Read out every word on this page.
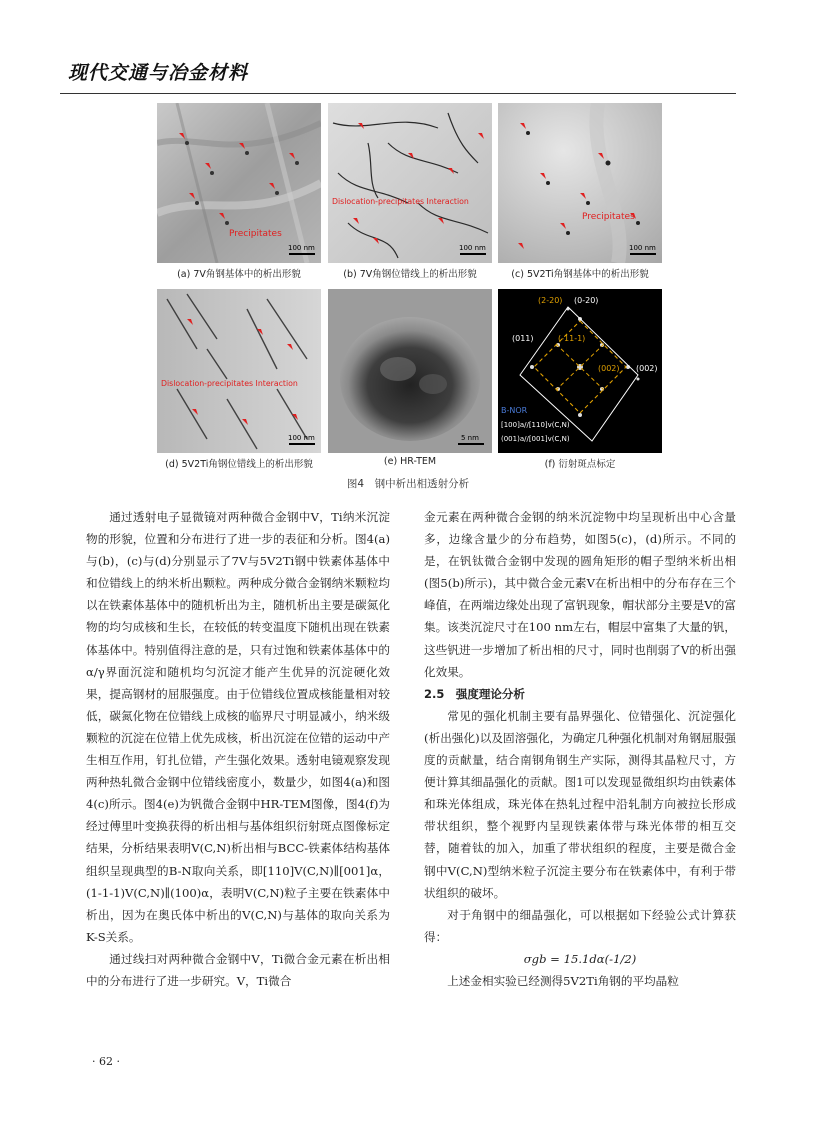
现代交通与冶金材料
Precipitates
100 nm
(a) 7V角钢基体中的析出形貌
Dislocation-precipitates Interaction
100 nm
(b) 7V角钢位错线上的析出形貌
Precipitates
100 nm
(c) 5V2Ti角钢基体中的析出形貌
Dislocation-precipitates Interaction
100 nm
(d) 5V2Ti角钢位错线上的析出形貌
5 nm
(e) HR-TEM
(2-20) (0-20)
(011)	(-11-1)
(002) (002)
B-NOR
[100]a//[110]v(C,N)
(001)a//[001]v(C,N)
(f) 衍射斑点标定
图4　钢中析出相透射分析

通过透射电子显微镜对两种微合金钢中V，Ti纳米沉淀物的形貌，位置和分布进行了进一步的表征和分析。图4(a)与(b)，(c)与(d)分别显示了7V与5V2Ti钢中铁素体基体中和位错线上的纳米析出颗粒。两种成分微合金钢纳米颗粒均以在铁素体基体中的随机析出为主，随机析出主要是碳氮化物的均匀成核和生长，在较低的转变温度下随机出现在铁素体基体中。特别值得注意的是，只有过饱和铁素体基体中的α/γ界面沉淀和随机均匀沉淀才能产生优异的沉淀硬化效果，提高钢材的屈服强度。由于位错线位置成核能量相对较低，碳氮化物在位错线上成核的临界尺寸明显减小，纳米级颗粒的沉淀在位错上优先成核，析出沉淀在位错的运动中产生相互作用，钉扎位错，产生强化效果。透射电镜观察发现两种热轧微合金钢中位错线密度小，数量少，如图4(a)和图4(c)所示。图4(e)为钒微合金钢中HR-TEM图像，图4(f)为经过傅里叶变换获得的析出相与基体组织衍射斑点图像标定结果，分析结果表明V(C,N)析出相与BCC-铁素体结构基体组织呈现典型的B-N取向关系，即[110]V(C,N)∥[001]α，(1-1-1)V(C,N)∥(100)α，表明V(C,N)粒子主要在铁素体中析出，因为在奥氏体中析出的V(C,N)与基体的取向关系为K-S关系。

通过线扫对两种微合金钢中V，Ti微合金元素在析出相中的分布进行了进一步研究。V，Ti微合

金元素在两种微合金钢的纳米沉淀物中均呈现析出中心含量多，边缘含量少的分布趋势，如图5(c)，(d)所示。不同的是，在钒钛微合金钢中发现的圆角矩形的帽子型纳米析出相(图5(b)所示)，其中微合金元素V在析出相中的分布存在三个峰值，在两端边缘处出现了富钒现象，帽状部分主要是V的富集。该类沉淀尺寸在100 nm左右，帽层中富集了大量的钒，这些钒进一步增加了析出相的尺寸，同时也削弱了V的析出强化效果。

2.5　强度理论分析

常见的强化机制主要有晶界强化、位错强化、沉淀强化(析出强化)以及固溶强化，为确定几种强化机制对角钢屈服强度的贡献量，结合南钢角钢生产实际，测得其晶粒尺寸，方便计算其细晶强化的贡献。图1可以发现显微组织均由铁素体和珠光体组成，珠光体在热轧过程中沿轧制方向被拉长形成带状组织，整个视野内呈现铁素体带与珠光体带的相互交替，随着钛的加入，加重了带状组织的程度，主要是微合金钢中V(C,N)型纳米粒子沉淀主要分布在铁素体中，有利于带状组织的破坏。

对于角钢中的细晶强化，可以根据如下经验公式计算获得：

σgb = 15.1dα(-1/2)

上述金相实验已经测得5V2Ti角钢的平均晶粒

· 62 ·
